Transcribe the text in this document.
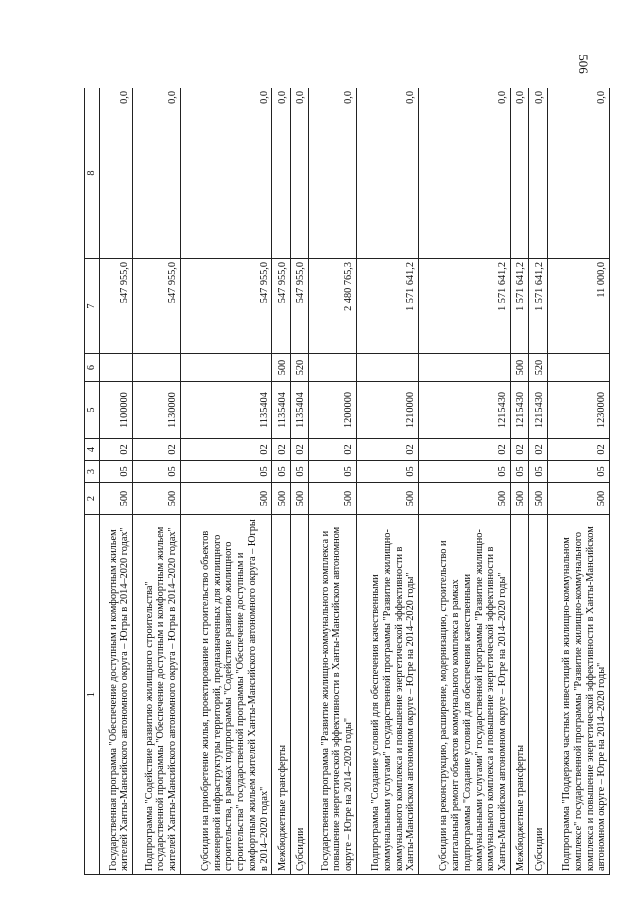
506
1	2	3	4	5	6	7	8
Государственная программа "Обеспечение доступным и комфортным жильем жителей Ханты-Мансийского автономного округа – Югры в 2014–2020 годах"	500	05	02	1100000		547 955,0	0,0
Подпрограмма "Содействие развитию жилищного строительства" государственной программы "Обеспечение доступным и комфортным жильем жителей Ханты-Мансийского автономного округа – Югры в 2014–2020 годах"	500	05	02	1130000		547 955,0	0,0
Субсидии на приобретение жилья, проектирование и строительство объектов инженерной инфраструктуры территорий, предназначенных для жилищного строительства, в рамках подпрограммы "Содействие развитию жилищного строительства" государственной программы "Обеспечение доступным и комфортным жильем жителей Ханты-Мансийского автономного округа – Югры в 2014–2020 годах"	500	05	02	1135404		547 955,0	0,0
Межбюджетные трансферты	500	05	02	1135404	500	547 955,0	0,0
Субсидии	500	05	02	1135404	520	547 955,0	0,0
Государственная программа "Развитие жилищно-коммунального комплекса и повышение энергетической эффективности в Ханты-Мансийском автономном округе – Югре на 2014–2020 годы"	500	05	02	1200000		2 480 765,3	0,0
Подпрограмма "Создание условий для обеспечения качественными коммунальными услугами" государственной программы "Развитие жилищно-коммунального комплекса и повышение энергетической эффективности в Ханты-Мансийском автономном округе – Югре на 2014–2020 годы"	500	05	02	1210000		1 571 641,2	0,0
Субсидии на реконструкцию, расширение, модернизацию, строительство и капитальный ремонт объектов коммунального комплекса в рамках подпрограммы "Создание условий для обеспечения качественными коммунальными услугами" государственной программы "Развитие жилищно-коммунального комплекса и повышение энергетической эффективности в Ханты-Мансийском автономном округе – Югре на 2014–2020 годы"	500	05	02	1215430		1 571 641,2	0,0
Межбюджетные трансферты	500	05	02	1215430	500	1 571 641,2	0,0
Субсидии	500	05	02	1215430	520	1 571 641,2	0,0
Подпрограмма "Поддержка частных инвестиций в жилищно-коммунальном комплексе" государственной программы "Развитие жилищно-коммунального комплекса и повышение энергетической эффективности в Ханты-Мансийском автономном округе – Югре на 2014–2020 годы"	500	05	02	1230000		11 000,0	0,0
